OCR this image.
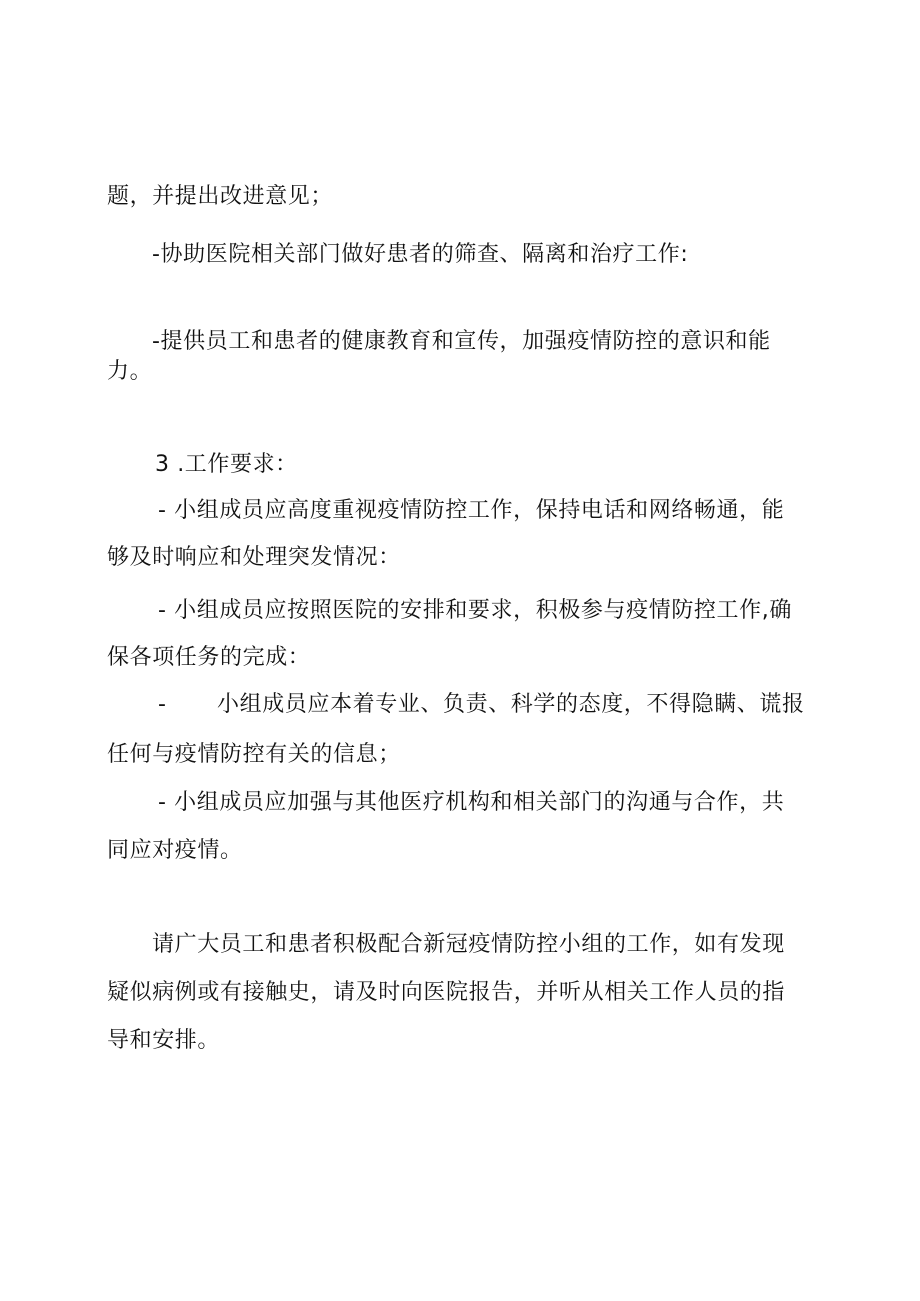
题，并提出改进意见；
-协助医院相关部门做好患者的筛查、隔离和治疗工作:
-提供员工和患者的健康教育和宣传，加强疫情防控的意识和能
力。
3 .工作要求：
- 小组成员应高度重视疫情防控工作，保持电话和网络畅通，能
够及时响应和处理突发情况：
- 小组成员应按照医院的安排和要求，积极参与疫情防控工作,确
保各项任务的完成：
- 小组成员应本着专业、负责、科学的态度，不得隐瞒、谎报
任何与疫情防控有关的信息；
- 小组成员应加强与其他医疗机构和相关部门的沟通与合作，共
同应对疫情。
请广大员工和患者积极配合新冠疫情防控小组的工作，如有发现
疑似病例或有接触史，请及时向医院报告，并听从相关工作人员的指
导和安排。
